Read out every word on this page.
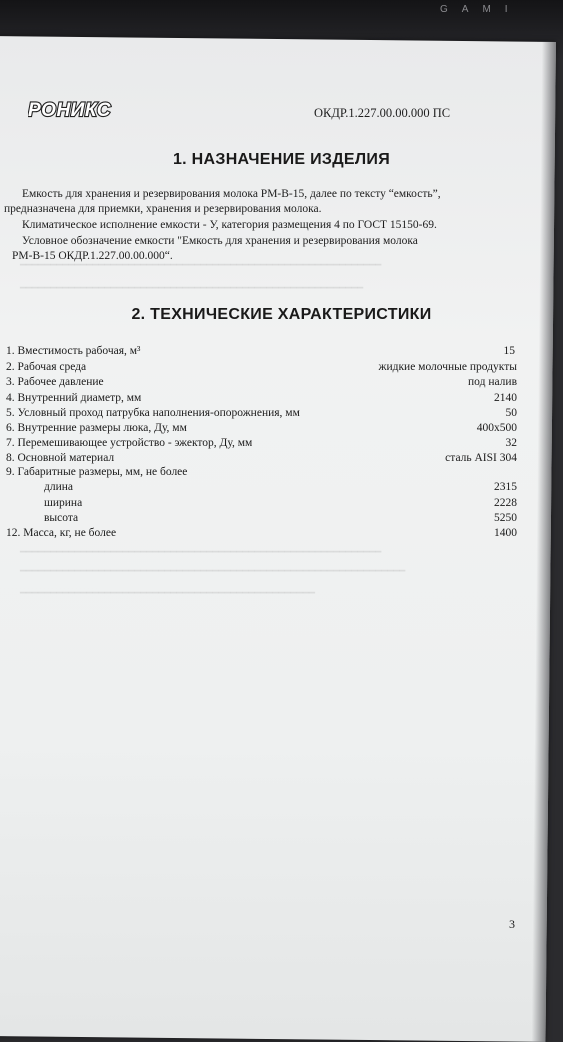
GAMI
РОНИКС	ОКДР.1.227.00.00.000 ПС
1. НАЗНАЧЕНИЕ ИЗДЕЛИЯ
Емкость для хранения и резервирования молока РМ-В-15, далее по тексту “емкость”,
предназначена для приемки, хранения и резервирования молока.
Климатическое исполнение емкости - У, категория размещения 4 по ГОСТ 15150-69.
Условное обозначение емкости "Емкость для хранения и резервирования молока
РМ-В-15 ОКДР.1.227.00.00.000“.
2. ТЕХНИЧЕСКИЕ ХАРАКТЕРИСТИКИ
1. Вместимость рабочая, м³	15
2. Рабочая среда	жидкие молочные продукты
3. Рабочее давление	под налив
4. Внутренний диаметр, мм	2140
5. Условный проход патрубка наполнения-опорожнения, мм	50
6. Внутренние размеры люка, Ду, мм	400x500
7. Перемешивающее устройство - эжектор, Ду, мм	32
8. Основной материал	сталь AISI 304
9. Габаритные размеры, мм, не более
длина	2315
ширина	2228
высота	5250
12. Масса, кг, не более	1400
━━━━━━━━━━━━━━━━━━━━━━━━━━━━━━━━━━━━━━━━━━━━━━━━━━━━━━━━━━━━
━━━━━━━━━━━━━━━━━━━━━━━━━━━━━━━━━━━━━━━━━━━━━━━━━━━━━━━━━
━━━━━━━━━━━━━━━━━━━━━━━━━━━━━━━━━━━━━━━━━━━━━━━━━━━━━━━━━━━━
━━━━━━━━━━━━━━━━━━━━━━━━━━━━━━━━━━━━━━━━━━━━━━━━━━━━━━━━━━━━━━━━
━━━━━━━━━━━━━━━━━━━━━━━━━━━━━━━━━━━━━━━━━━━━━━━━━
3
